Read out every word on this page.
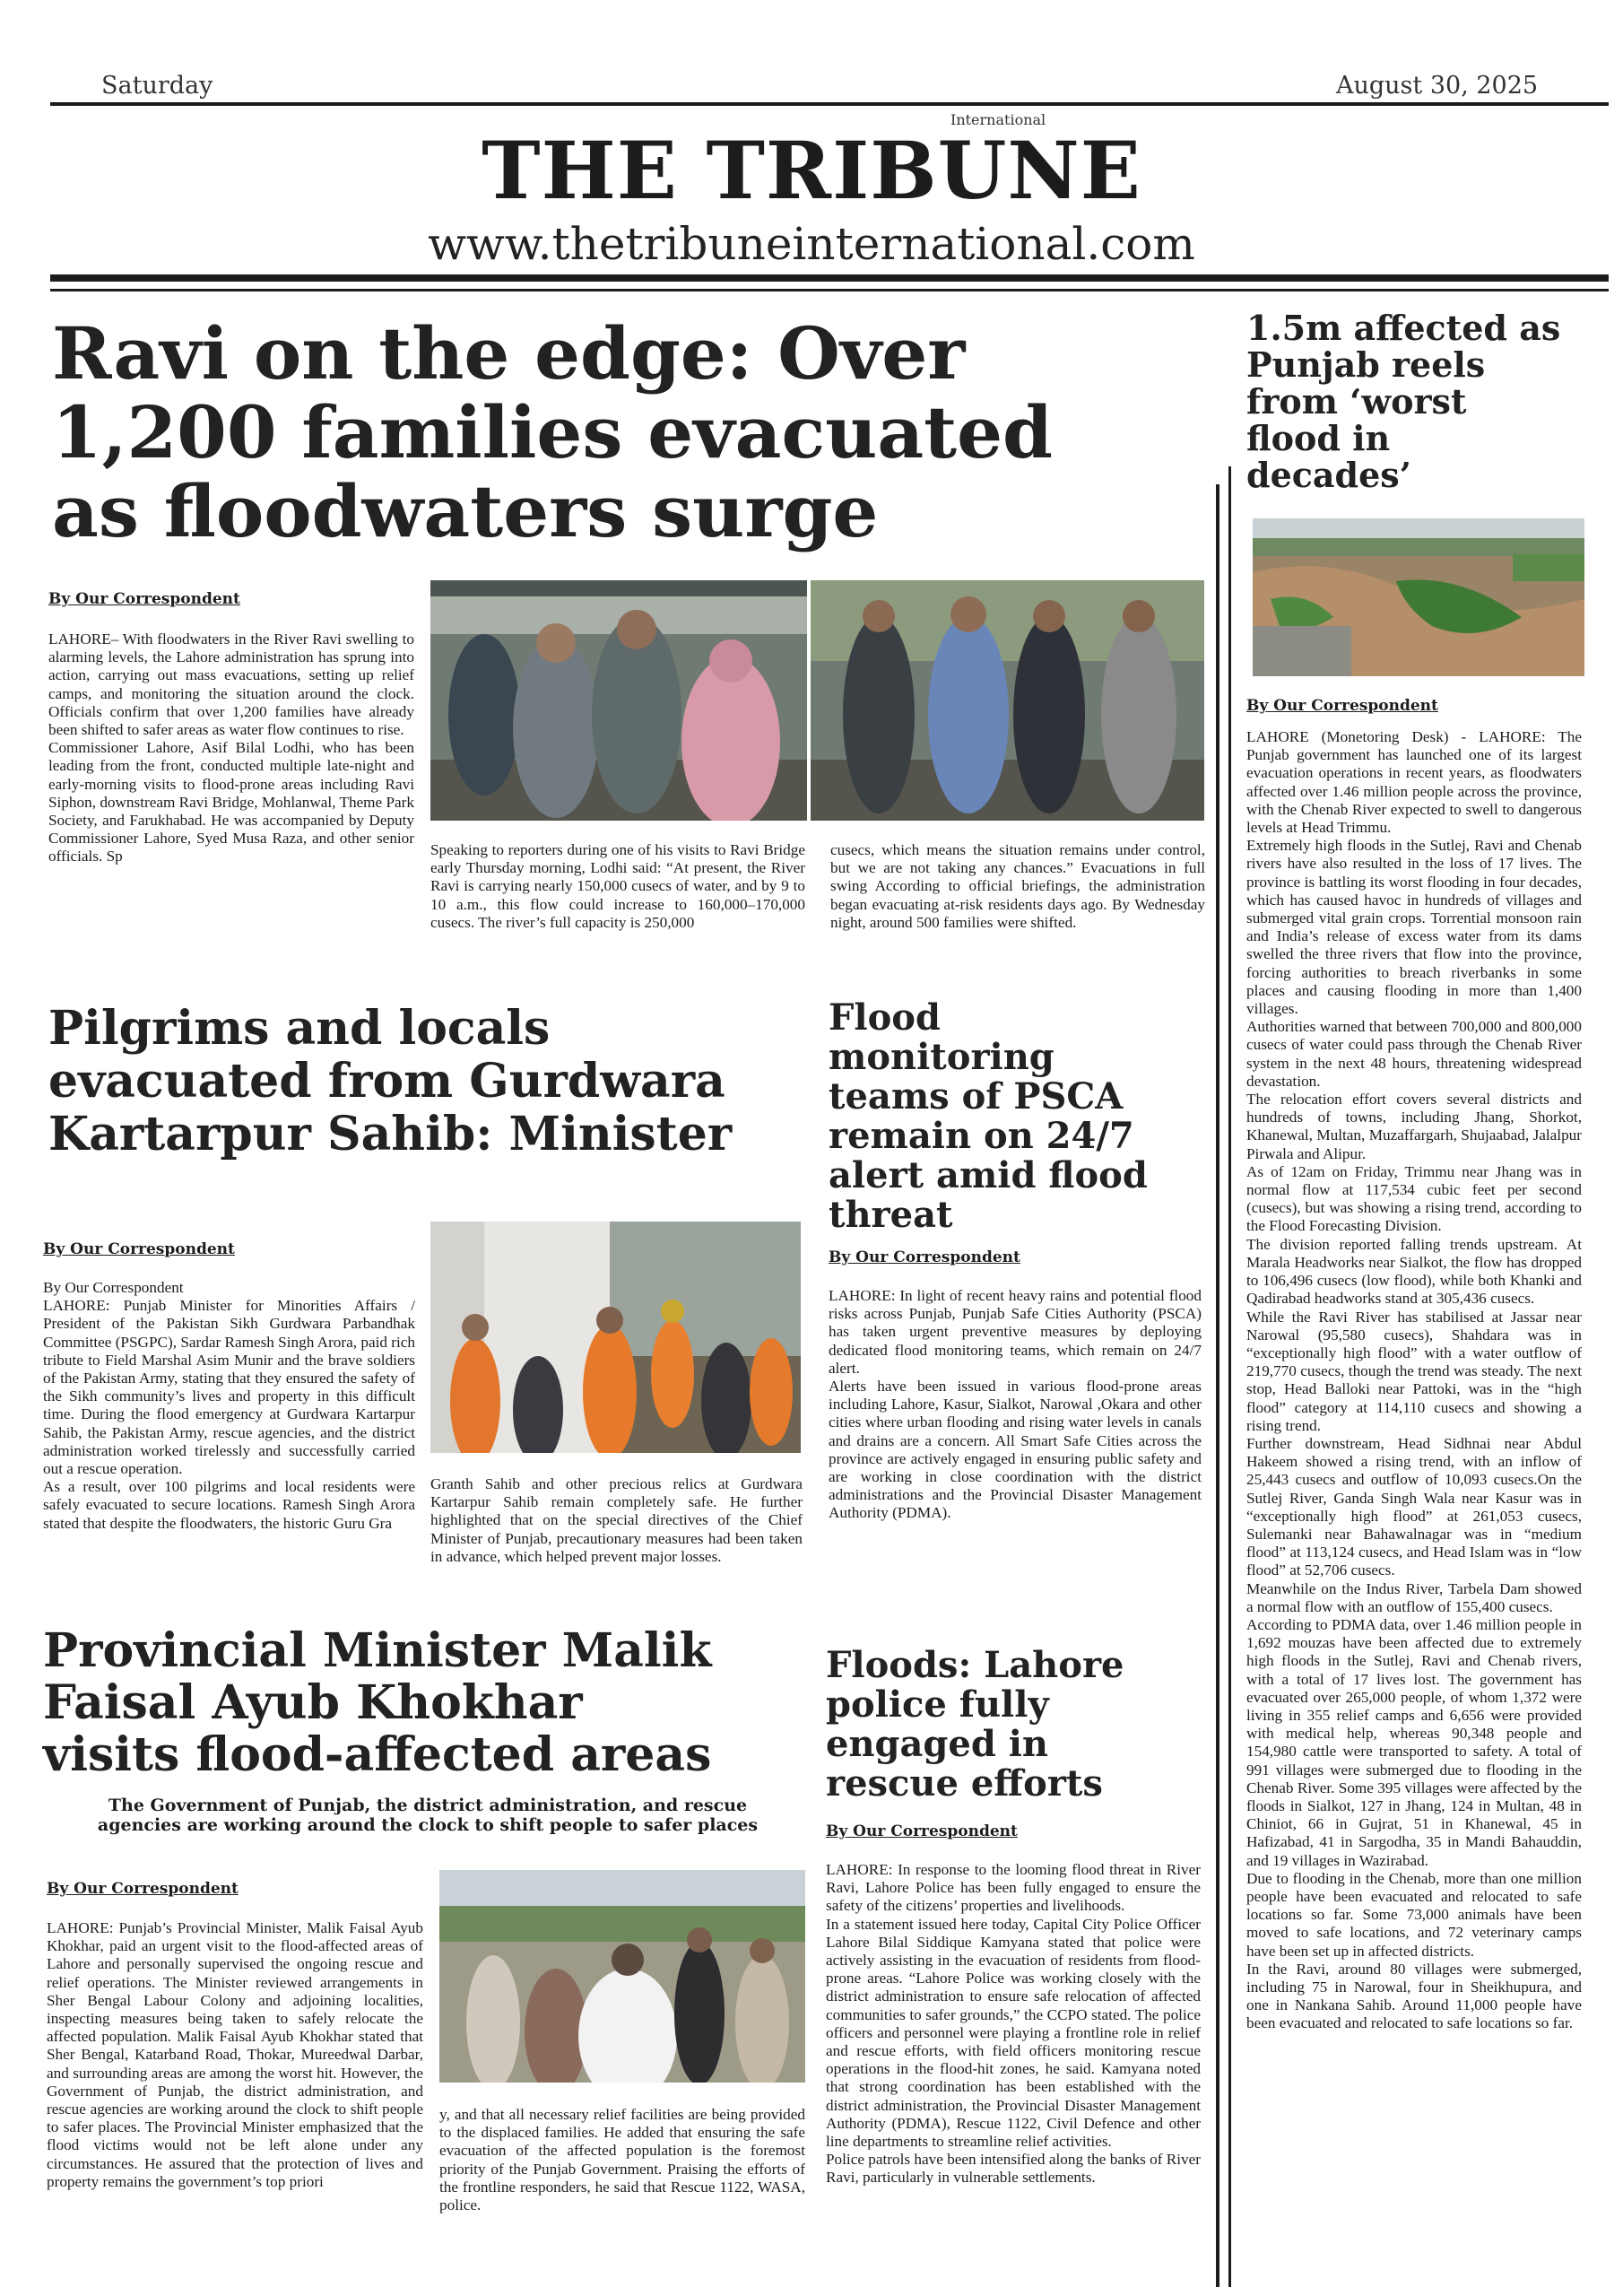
Saturday	August 30, 2025
International
THE TRIBUNE
www.thetribuneinternational.com
Ravi on the edge: Over
1,200 families evacuated
as floodwaters surge
By Our Correspondent

LAHORE– With floodwaters in the River Ravi swelling to alarming levels, the Lahore administration has sprung into action, carrying out mass evacuations, setting up relief camps, and monitoring the situation around the clock. Officials confirm that over 1,200 families have already been shifted to safer areas as water flow continues to rise.

Commissioner Lahore, Asif Bilal Lodhi, who has been leading from the front, conducted multiple late-night and early-morning visits to flood-prone areas including Ravi Siphon, downstream Ravi Bridge, Mohlanwal, Theme Park Society, and Farukhabad. He was accompanied by Deputy Commissioner Lahore, Syed Musa Raza, and other senior officials. Sp	Speaking to reporters during one of his visits to Ravi Bridge early Thursday morning, Lodhi said: “At present, the River Ravi is carrying nearly 150,000 cusecs of water, and by 9 to 10 a.m., this flow could increase to 160,000–170,000 cusecs. The river’s full capacity is 250,000
cusecs, which means the situation remains under control, but we are not taking any chances.” Evacuations in full swing According to official briefings, the administration began evacuating at-risk residents days ago. By Wednesday night, around 500 families were shifted.
Pilgrims and locals
evacuated from Gurdwara
Kartarpur Sahib: Minister
By Our Correspondent

By Our Correspondent

LAHORE: Punjab Minister for Minorities Affairs / President of the Pakistan Sikh Gurdwara Parbandhak Committee (PSGPC), Sardar Ramesh Singh Arora, paid rich tribute to Field Marshal Asim Munir and the brave soldiers of the Pakistan Army, stating that they ensured the safety of the Sikh community’s lives and property in this difficult time. During the flood emergency at Gurdwara Kartarpur Sahib, the Pakistan Army, rescue agencies, and the district administration worked tirelessly and successfully carried out a rescue operation.

As a result, over 100 pilgrims and local residents were safely evacuated to secure locations. Ramesh Singh Arora stated that despite the floodwaters, the historic Guru Gra

Granth Sahib and other precious relics at Gurdwara Kartarpur Sahib remain completely safe. He further highlighted that on the special directives of the Chief Minister of Punjab, precautionary measures had been taken in advance, which helped prevent major losses.
Flood
monitoring
teams of PSCA
remain on 24/7
alert amid flood
threat
By Our Correspondent

LAHORE: In light of recent heavy rains and potential flood risks across Punjab, Punjab Safe Cities Authority (PSCA) has taken urgent preventive measures by deploying dedicated flood monitoring teams, which remain on 24/7 alert.

Alerts have been issued in various flood-prone areas including Lahore, Kasur, Sialkot, Narowal ,Okara and other cities where urban flooding and rising water levels in canals and drains are a concern. All Smart Safe Cities across the province are actively engaged in ensuring public safety and are working in close coordination with the district administrations and the Provincial Disaster Management Authority (PDMA).

Provincial Minister Malik
Faisal Ayub Khokhar
visits flood-affected areas
The Government of Punjab, the district administration, and rescue
agencies are working around the clock to shift people to safer places
By Our Correspondent
LAHORE: Punjab’s Provincial Minister, Malik Faisal Ayub Khokhar, paid an urgent visit to the flood-affected areas of Lahore and personally supervised the ongoing rescue and relief operations. The Minister reviewed arrangements in Sher Bengal Labour Colony and adjoining localities, inspecting measures being taken to safely relocate the affected population. Malik Faisal Ayub Khokhar stated that Sher Bengal, Katarband Road, Thokar, Mureedwal Darbar, and surrounding areas are among the worst hit. However, the Government of Punjab, the district administration, and rescue agencies are working around the clock to shift people to safer places. The Provincial Minister emphasized that the flood victims would not be left alone under any circumstances. He assured that the protection of lives and property remains the government’s top priori
y, and that all necessary relief facilities are being provided to the displaced families. He added that ensuring the safe evacuation of the affected population is the foremost priority of the Punjab Government. Praising the efforts of the frontline responders, he said that Rescue 1122, WASA, police.
Floods: Lahore
police fully
engaged in
rescue efforts
By Our Correspondent

LAHORE: In response to the looming flood threat in River Ravi, Lahore Police has been fully engaged to ensure the safety of the citizens’ properties and livelihoods.

In a statement issued here today, Capital City Police Officer Lahore Bilal Siddique Kamyana stated that police were actively assisting in the evacuation of residents from flood-prone areas. “Lahore Police was working closely with the district administration to ensure safe relocation of affected communities to safer grounds,” the CCPO stated. The police officers and personnel were playing a frontline role in relief and rescue efforts, with field officers monitoring rescue operations in the flood-hit zones, he said. Kamyana noted that strong coordination has been established with the district administration, the Provincial Disaster Management Authority (PDMA), Rescue 1122, Civil Defence and other line departments to streamline relief activities.

Police patrols have been intensified along the banks of River Ravi, particularly in vulnerable settlements.

1.5m affected as
Punjab reels
from ‘worst
flood in
decades’
By Our Correspondent

LAHORE (Monetoring Desk) - LAHORE: The Punjab government has launched one of its largest evacuation operations in recent years, as floodwaters affected over 1.46 million people across the province, with the Chenab River expected to swell to dangerous levels at Head Trimmu.

Extremely high floods in the Sutlej, Ravi and Chenab rivers have also resulted in the loss of 17 lives. The province is battling its worst flooding in four decades, which has caused havoc in hundreds of villages and submerged vital grain crops. Torrential monsoon rain and India’s release of excess water from its dams swelled the three rivers that flow into the province, forcing authorities to breach riverbanks in some places and causing flooding in more than 1,400 villages.

Authorities warned that between 700,000 and 800,000 cusecs of water could pass through the Chenab River system in the next 48 hours, threatening widespread devastation.

The relocation effort covers several districts and hundreds of towns, including Jhang, Shorkot, Khanewal, Multan, Muzaffargarh, Shujaabad, Jalalpur Pirwala and Alipur.

As of 12am on Friday, Trimmu near Jhang was in normal flow at 117,534 cubic feet per second (cusecs), but was showing a rising trend, according to the Flood Forecasting Division.

The division reported falling trends upstream. At Marala Headworks near Sialkot, the flow has dropped to 106,496 cusecs (low flood), while both Khanki and Qadirabad headworks stand at 305,436 cusecs.

While the Ravi River has stabilised at Jassar near Narowal (95,580 cusecs), Shahdara was in “exceptionally high flood” with a water outflow of 219,770 cusecs, though the trend was steady. The next stop, Head Balloki near Pattoki, was in the “high flood” category at 114,110 cusecs and showing a rising trend.

Further downstream, Head Sidhnai near Abdul Hakeem showed a rising trend, with an inflow of 25,443 cusecs and outflow of 10,093 cusecs.On the Sutlej River, Ganda Singh Wala near Kasur was in “exceptionally high flood” at 261,053 cusecs, Sulemanki near Bahawalnagar was in “medium flood” at 113,124 cusecs, and Head Islam was in “low flood” at 52,706 cusecs.

Meanwhile on the Indus River, Tarbela Dam showed a normal flow with an outflow of 155,400 cusecs.

According to PDMA data, over 1.46 million people in 1,692 mouzas have been affected due to extremely high floods in the Sutlej, Ravi and Chenab rivers, with a total of 17 lives lost. The government has evacuated over 265,000 people, of whom 1,372 were living in 355 relief camps and 6,656 were provided with medical help, whereas 90,348 people and 154,980 cattle were transported to safety. A total of 991 villages were submerged due to flooding in the Chenab River. Some 395 villages were affected by the floods in Sialkot, 127 in Jhang, 124 in Multan, 48 in Chiniot, 66 in Gujrat, 51 in Khanewal, 45 in Hafizabad, 41 in Sargodha, 35 in Mandi Bahauddin, and 19 villages in Wazirabad.

Due to flooding in the Chenab, more than one million people have been evacuated and relocated to safe locations so far. Some 73,000 animals have been moved to safe locations, and 72 veterinary camps have been set up in affected districts.

In the Ravi, around 80 villages were submerged, including 75 in Narowal, four in Sheikhupura, and one in Nankana Sahib. Around 11,000 people have been evacuated and relocated to safe locations so far.
